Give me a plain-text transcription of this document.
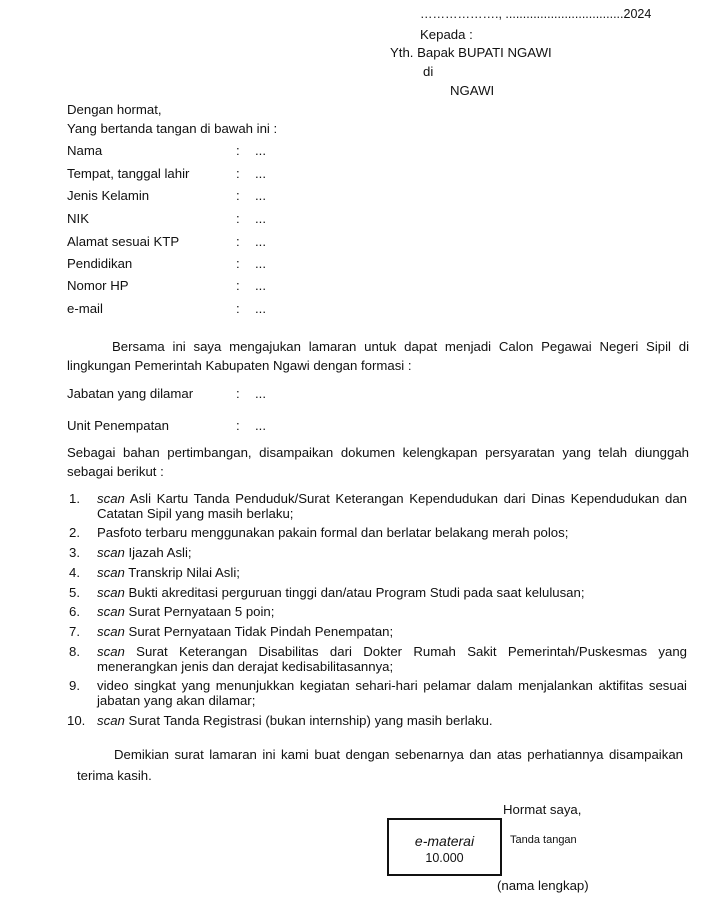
………………., ..................................2024
Kepada :
Yth. Bapak BUPATI NGAWI
di
NGAWI
Dengan hormat,
Yang bertanda tangan di bawah ini :
Nama	: ...
Tempat, tanggal lahir	: ...
Jenis Kelamin	: ...
NIK	: ...
Alamat sesuai KTP	: ...
Pendidikan	: ...
Nomor HP	: ...
e-mail	: ...
Bersama ini saya mengajukan lamaran untuk dapat menjadi Calon Pegawai Negeri Sipil di lingkungan Pemerintah Kabupaten Ngawi dengan formasi :
Jabatan yang dilamar	: ...
Unit Penempatan	: ...
Sebagai bahan pertimbangan, disampaikan dokumen kelengkapan persyaratan yang telah diunggah sebagai berikut :
1. scan Asli Kartu Tanda Penduduk/Surat Keterangan Kependudukan dari Dinas Kependudukan dan Catatan Sipil yang masih berlaku;
2. Pasfoto terbaru menggunakan pakain formal dan berlatar belakang merah polos;
3. scan Ijazah Asli;
4. scan Transkrip Nilai Asli;
5. scan Bukti akreditasi perguruan tinggi dan/atau Program Studi pada saat kelulusan;
6. scan Surat Pernyataan 5 poin;
7. scan Surat Pernyataan Tidak Pindah Penempatan;
8. scan Surat Keterangan Disabilitas dari Dokter Rumah Sakit Pemerintah/Puskesmas yang menerangkan jenis dan derajat kedisabilitasannya;
9. video singkat yang menunjukkan kegiatan sehari-hari pelamar dalam menjalankan aktifitas sesuai jabatan yang akan dilamar;
10. scan Surat Tanda Registrasi (bukan internship) yang masih berlaku.
Demikian surat lamaran ini kami buat dengan sebenarnya dan atas perhatiannya disampaikan terima kasih.
Hormat saya,
e-materai
10.000
Tanda tangan
(nama lengkap)
